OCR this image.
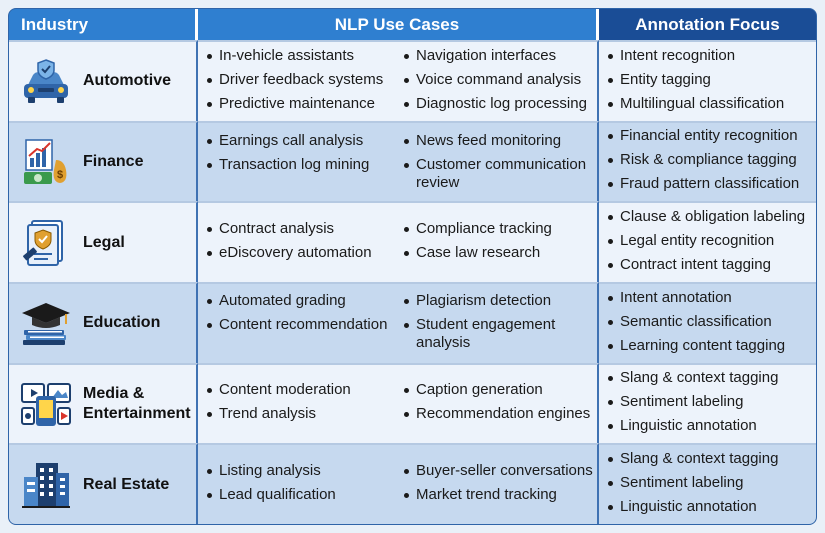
Industry	NLP Use Cases	Annotation Focus
Automotive
In-vehicle assistants
Driver feedback systems
Predictive maintenance
Navigation interfaces
Voice command analysis
Diagnostic log processing
Intent recognition
Entity tagging
Multilingual classification
$
Finance
Earnings call analysis
Transaction log mining
News feed monitoring
Customer communication review
Financial entity recognition
Risk & compliance tagging
Fraud pattern classification
Legal
Contract analysis
eDiscovery automation
Compliance tracking
Case law research
Clause & obligation labeling
Legal entity recognition
Contract intent tagging
Education
Automated grading
Content recommendation
Plagiarism detection
Student engagement analysis
Intent annotation
Semantic classification
Learning content tagging
Media & Entertainment
Content moderation
Trend analysis
Caption generation
Recommendation engines
Slang & context tagging
Sentiment labeling
Linguistic annotation
Real Estate
Listing analysis
Lead qualification
Buyer-seller conversations
Market trend tracking
Slang & context tagging
Sentiment labeling
Linguistic annotation
